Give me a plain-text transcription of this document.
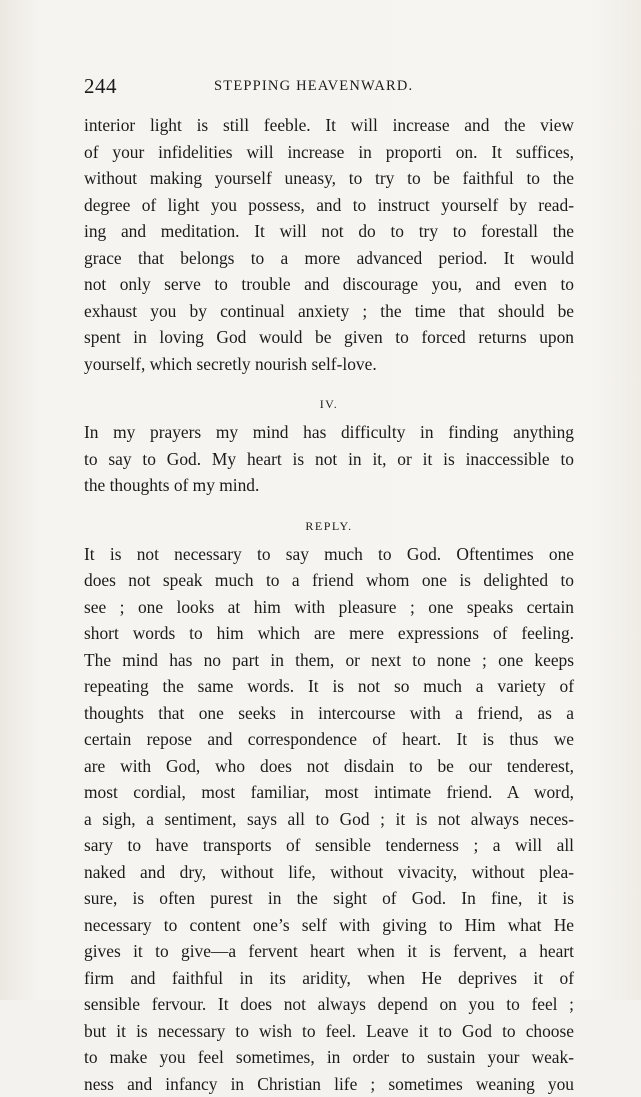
244	STEPPING HEAVENWARD.
interior light is still feeble. It will increase and the view
of your infidelities will increase in proporti on. It suffices,
without making yourself uneasy, to try to be faithful to the
degree of light you possess, and to instruct yourself by read-
ing and meditation. It will not do to try to forestall the
grace that belongs to a more advanced period. It would
not only serve to trouble and discourage you, and even to
exhaust you by continual anxiety ; the time that should be
spent in loving God would be given to forced returns upon
yourself, which secretly nourish self-love.
IV.
In my prayers my mind has difficulty in finding anything
to say to God. My heart is not in it, or it is inaccessible to
the thoughts of my mind.
REPLY.
It is not necessary to say much to God. Oftentimes one
does not speak much to a friend whom one is delighted to
see ; one looks at him with pleasure ; one speaks certain
short words to him which are mere expressions of feeling.
The mind has no part in them, or next to none ; one keeps
repeating the same words. It is not so much a variety of
thoughts that one seeks in intercourse with a friend, as a
certain repose and correspondence of heart. It is thus we
are with God, who does not disdain to be our tenderest,
most cordial, most familiar, most intimate friend. A word,
a sigh, a sentiment, says all to God ; it is not always neces-
sary to have transports of sensible tenderness ; a will all
naked and dry, without life, without vivacity, without plea-
sure, is often purest in the sight of God. In fine, it is
necessary to content one’s self with giving to Him what He
gives it to give—a fervent heart when it is fervent, a heart
firm and faithful in its aridity, when He deprives it of
sensible fervour. It does not always depend on you to feel ;
but it is necessary to wish to feel. Leave it to God to choose
to make you feel sometimes, in order to sustain your weak-
ness and infancy in Christian life ; sometimes weaning you
